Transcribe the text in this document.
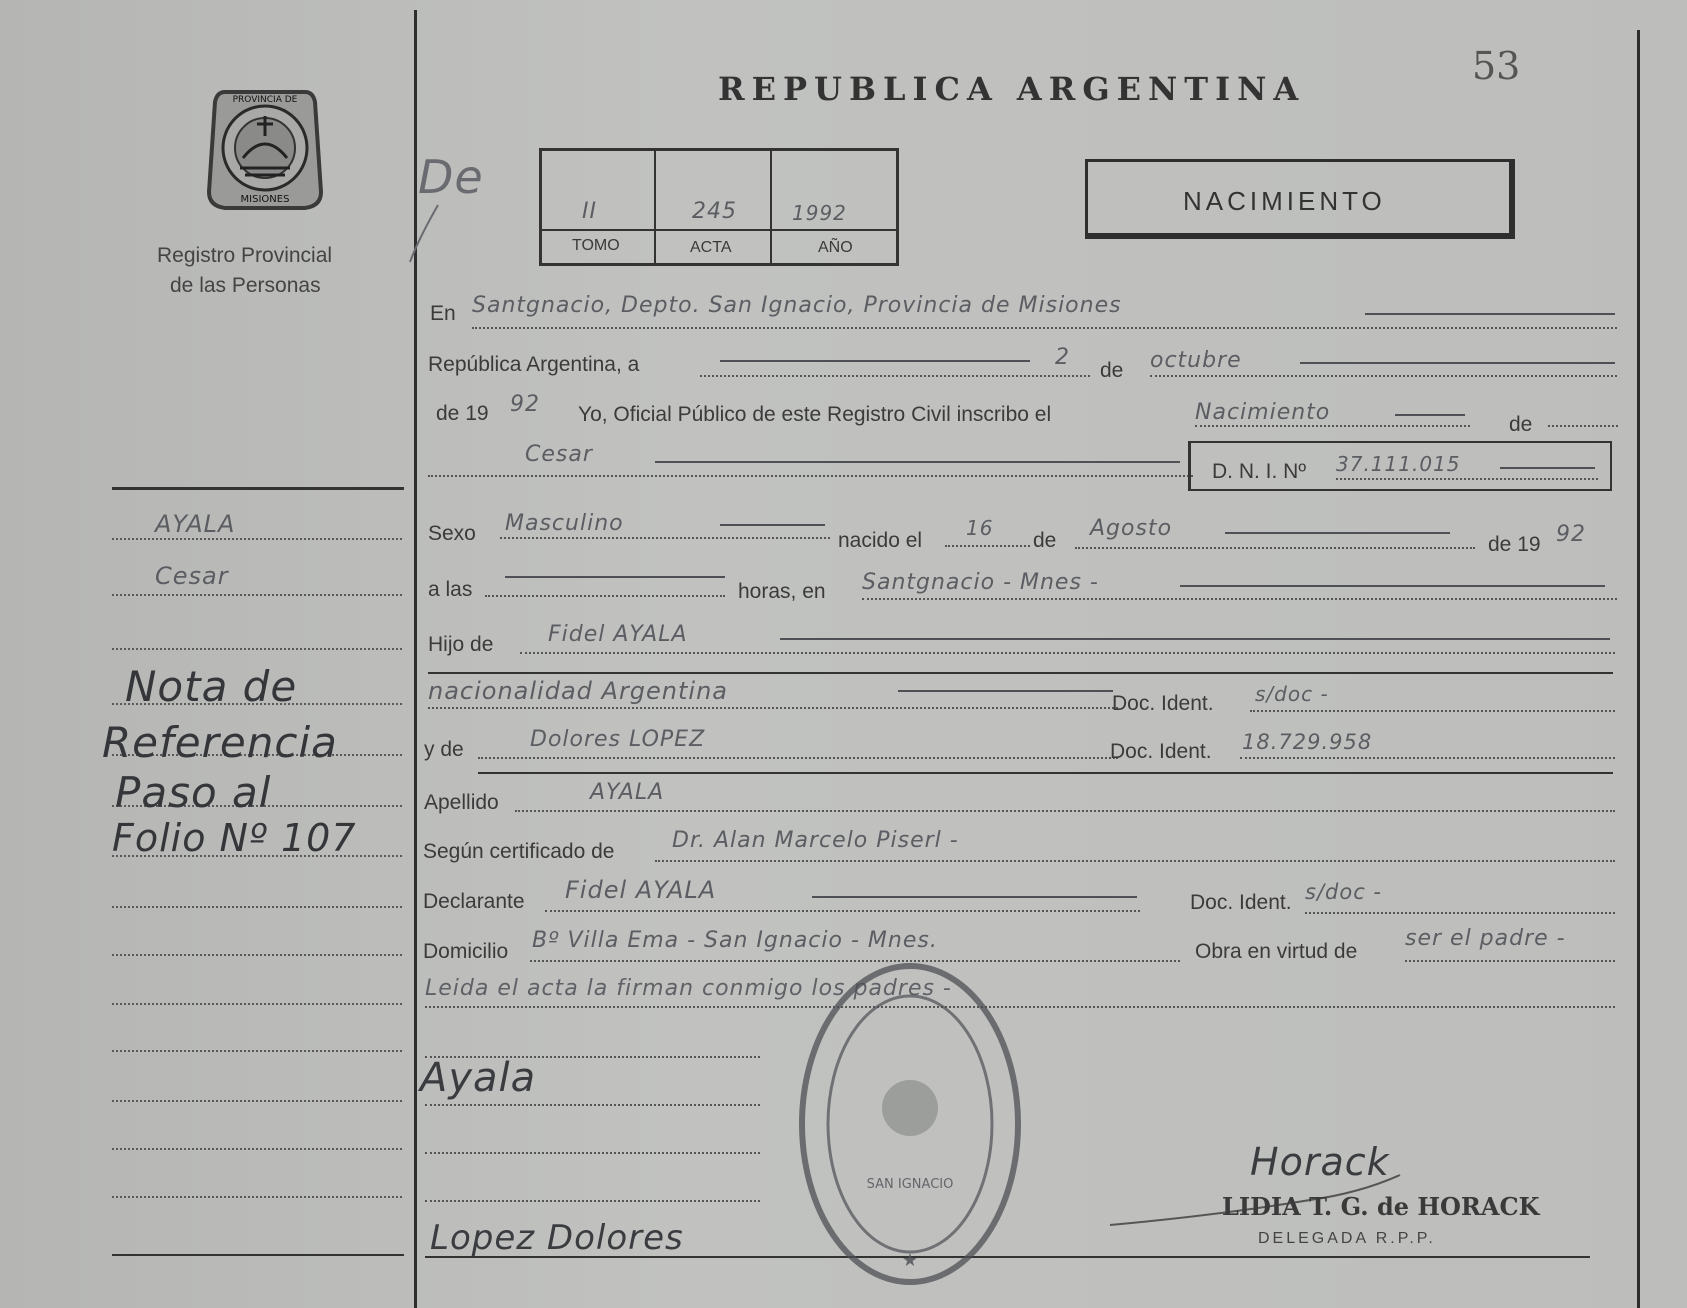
53
PROVINCIA DE
MISIONES
Registro Provincial
de las Personas
REPUBLICA ARGENTINA
De
II	245	1992
TOMO	ACTA	AÑO
NACIMIENTO
AYALA
Cesar
Nota de
Referencia
Paso al
Folio Nº 107
En Santgnacio, Depto. San Ignacio, Provincia de Misiones
República Argentina, a	2
de octubre
de 19 92 Yo, Oficial Público de este Registro Civil inscribo el	Nacimiento	de
Cesar
D. N. I. Nº 37.111.015
Sexo Masculino
nacido el
16
de Agosto
de 19 92
a las	horas, en Santgnacio - Mnes -
Hijo de Fidel AYALA
nacionalidad Argentina	Doc. Ident. s/doc -
y de	Dolores LOPEZ	Doc. Ident. 18.729.958
Apellido	AYALA
Según certificado de	Dr. Alan Marcelo Piserl -
Declarante Fidel AYALA	Doc. Ident. s/doc -
Domicilio Bº Villa Ema - San Ignacio - Mnes.	Obra en virtud de
ser el padre -
Leida el acta la firman conmigo los padres -
Ayala
Lopez Dolores
Horack
SAN IGNACIO
★
LIDIA T. G. de HORACK
DELEGADA R.P.P.
